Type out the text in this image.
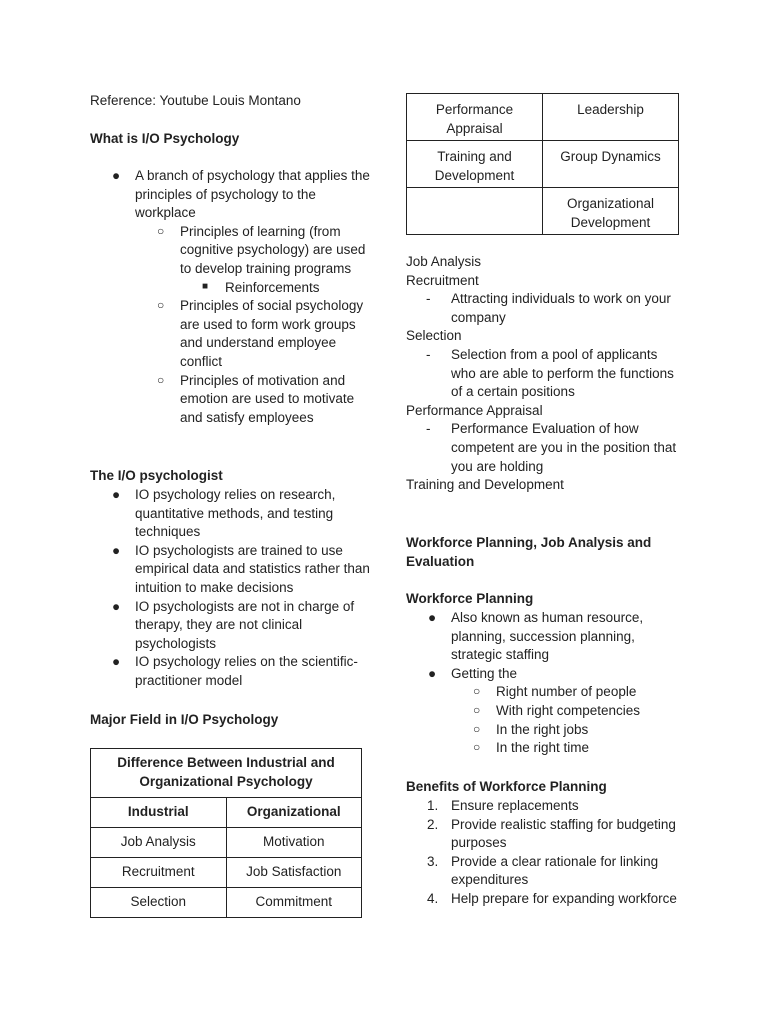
Reference: Youtube Louis Montano

What is I/O Psychology

● A branch of psychology that applies the principles of psychology to the workplace
○ Principles of learning (from cognitive psychology) are used to develop training programs
■ Reinforcements
○ Principles of social psychology are used to form work groups and understand employee conflict
○ Principles of motivation and emotion are used to motivate and satisfy employees

The I/O psychologist

● IO psychology relies on research, quantitative methods, and testing techniques
● IO psychologists are trained to use empirical data and statistics rather than intuition to make decisions
● IO psychologists are not in charge of therapy, they are not clinical psychologists
● IO psychology relies on the scientific-practitioner model

Major Field in I/O Psychology

Difference Between Industrial and Organizational Psychology	
Industrial	Organizational
Job Analysis	Motivation
Recruitment	Job Satisfaction
Selection	Commitment
Performance Appraisal	Leadership
Training and Development	Group Dynamics
	Organizational Development

Job Analysis

Recruitment

- Attracting individuals to work on your company

Selection

- Selection from a pool of applicants who are able to perform the functions of a certain positions

Performance Appraisal

- Performance Evaluation of how competent are you in the position that you are holding

Training and Development

Workforce Planning, Job Analysis and Evaluation

Workforce Planning

● Also known as human resource, planning, succession planning, strategic staffing
● Getting the
○ Right number of people
○ With right competencies
○ In the right jobs
○ In the right time

Benefits of Workforce Planning

1. Ensure replacements
2. Provide realistic staffing for budgeting purposes
3. Provide a clear rationale for linking expenditures
4. Help prepare for expanding workforce
